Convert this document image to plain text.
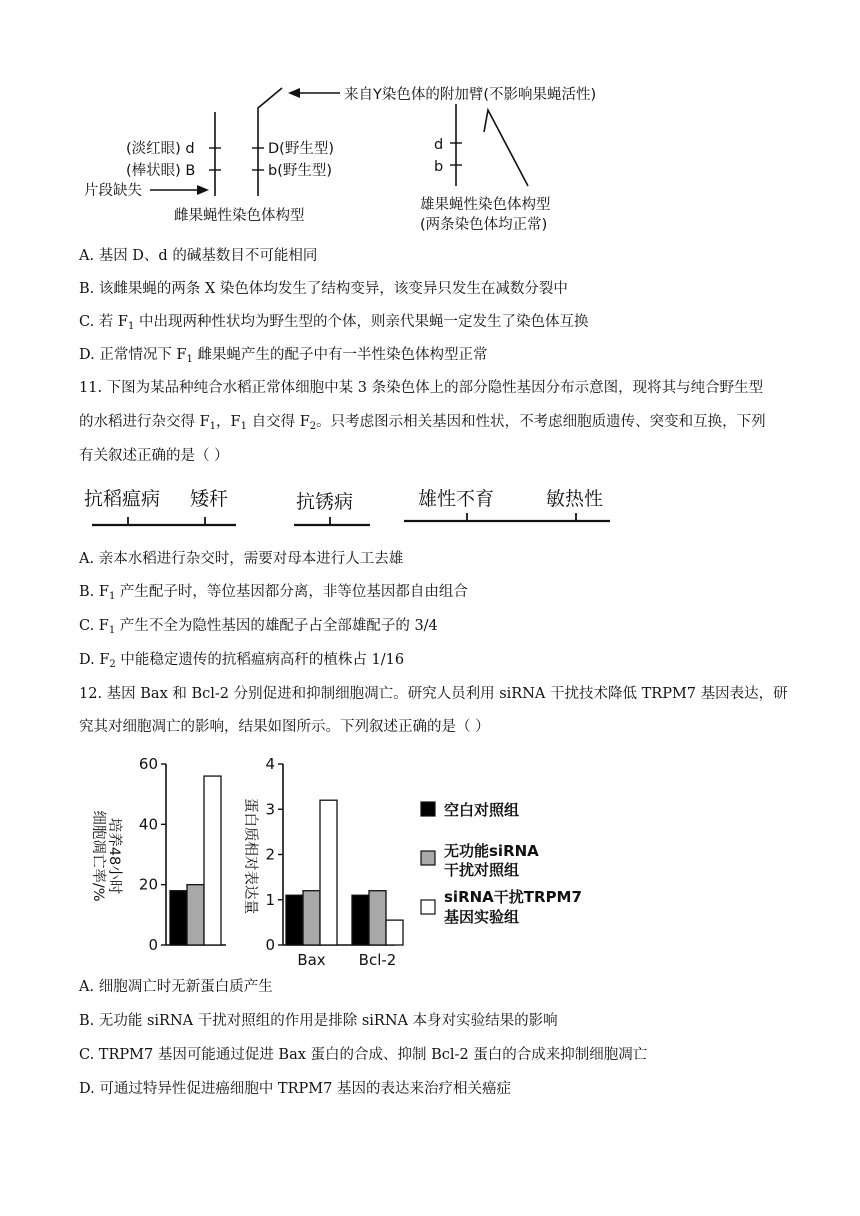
来自Y染色体的附加臂(不影响果蝇活性)
(淡红眼) d
(棒状眼) B
D(野生型)
b(野生型)
片段缺失
雌果蝇性染色体构型
d
b
雄果蝇性染色体构型
(两条染色体均正常)
A. 基因 D、d 的碱基数目不可能相同
B. 该雌果蝇的两条 X 染色体均发生了结构变异，该变异只发生在减数分裂中
C. 若 $F_1$ 中出现两种性状均为野生型的个体，则亲代果蝇一定发生了染色体互换
D. 正常情况下 $F_1$ 雌果蝇产生的配子中有一半性染色体构型正常
11. 下图为某品种纯合水稻正常体细胞中某 3 条染色体上的部分隐性基因分布示意图，现将其与纯合野生型
的水稻进行杂交得 $F_1$，$F_1$ 自交得 $F_2$。只考虑图示相关基因和性状，不考虑细胞质遗传、突变和互换，下列
有关叙述正确的是（ ）
抗稻瘟病 矮秆	抗锈病	雄性不育	敏热性
A. 亲本水稻进行杂交时，需要对母本进行人工去雄
B. $F_1$ 产生配子时，等位基因都分离，非等位基因都自由组合
C. $F_1$ 产生不全为隐性基因的雄配子占全部雄配子的 3/4
D. $F_2$ 中能稳定遗传的抗稻瘟病高秆的植株占 1/16
12. 基因 Bax 和 Bcl-2 分别促进和抑制细胞凋亡。研究人员利用 siRNA 干扰技术降低 TRPM7 基因表达，研
究其对细胞凋亡的影响，结果如图所示。下列叙述正确的是（ ）
培养48小时
细胞凋亡率/%
0
20
40
60
蛋白质相对表达量
0
1
2
3
4
Bax Bcl-2
空白对照组
无功能siRNA
干扰对照组
siRNA干扰TRPM7
基因实验组
A. 细胞凋亡时无新蛋白质产生
B. 无功能 siRNA 干扰对照组的作用是排除 siRNA 本身对实验结果的影响
C. TRPM7 基因可能通过促进 Bax 蛋白的合成、抑制 Bcl-2 蛋白的合成来抑制细胞凋亡
D. 可通过特异性促进癌细胞中 TRPM7 基因的表达来治疗相关癌症
